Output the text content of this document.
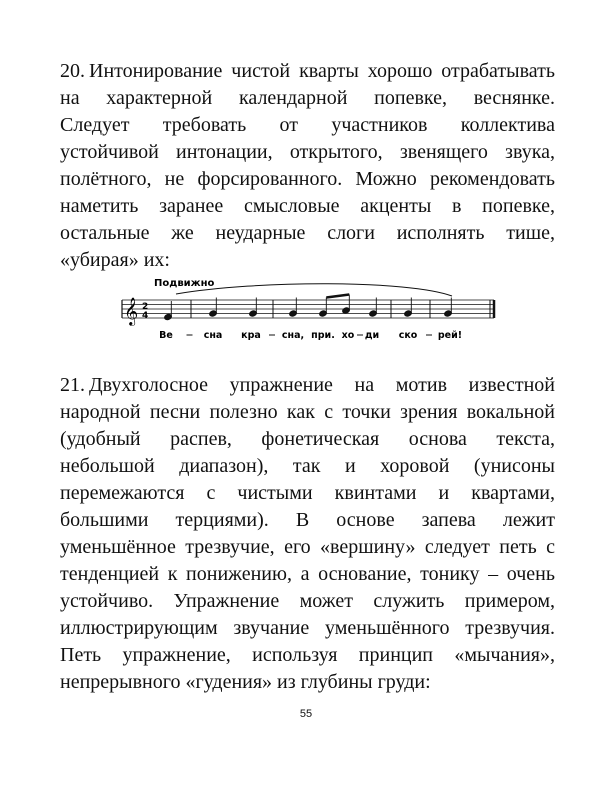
20. Интонирование чистой кварты хорошо отрабатывать
на характерной календарной попевке, веснянке.
Следует требовать от участников коллектива
устойчивой интонации, открытого, звенящего звука,
полётного, не форсированного. Можно рекомендовать
наметить заранее смысловые акценты в попевке,
остальные же неударные слоги исполнять тише,
«убирая» их:

Подвижно
𝄞 2
4
Ве	сна кра сна, при. хо ди ско рей!

21. Двухголосное упражнение на мотив известной
народной песни полезно как с точки зрения вокальной
(удобный распев, фонетическая основа текста,
небольшой диапазон), так и хоровой (унисоны
перемежаются с чистыми квинтами и квартами,
большими терциями). В основе запева лежит
уменьшённое трезвучие, его «вершину» следует петь с
тенденцией к понижению, а основание, тонику – очень
устойчиво. Упражнение может служить примером,
иллюстрирующим звучание уменьшённого трезвучия.
Петь упражнение, используя принцип «мычания»,
непрерывного «гудения» из глубины груди:

55
